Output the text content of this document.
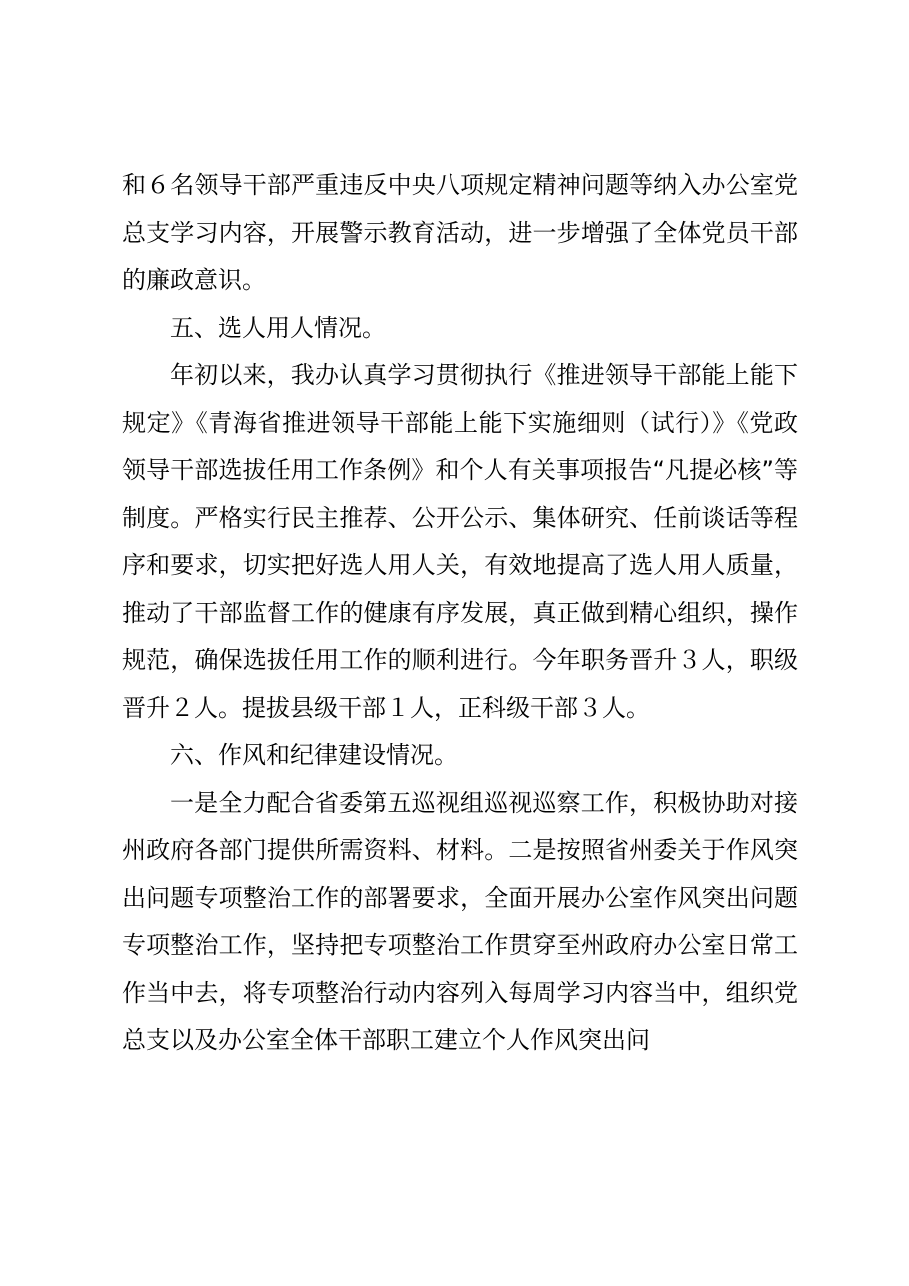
和６名领导干部严重违反中央八项规定精神问题等纳入办公室党总支学习内容，开展警示教育活动，进一步增强了全体党员干部的廉政意识。

五、选人用人情况。

年初以来，我办认真学习贯彻执行《推进领导干部能上能下规定》《青海省推进领导干部能上能下实施细则（试行）》《党政领导干部选拔任用工作条例》和个人有关事项报告“凡提必核”等制度。严格实行民主推荐、公开公示、集体研究、任前谈话等程序和要求，切实把好选人用人关，有效地提高了选人用人质量，推动了干部监督工作的健康有序发展，真正做到精心组织，操作规范，确保选拔任用工作的顺利进行。今年职务晋升３人，职级晋升２人。提拔县级干部１人，正科级干部３人。

六、作风和纪律建设情况。

一是全力配合省委第五巡视组巡视巡察工作，积极协助对接州政府各部门提供所需资料、材料。二是按照省州委关于作风突出问题专项整治工作的部署要求，全面开展办公室作风突出问题专项整治工作，坚持把专项整治工作贯穿至州政府办公室日常工作当中去，将专项整治行动内容列入每周学习内容当中，组织党总支以及办公室全体干部职工建立个人作风突出问
